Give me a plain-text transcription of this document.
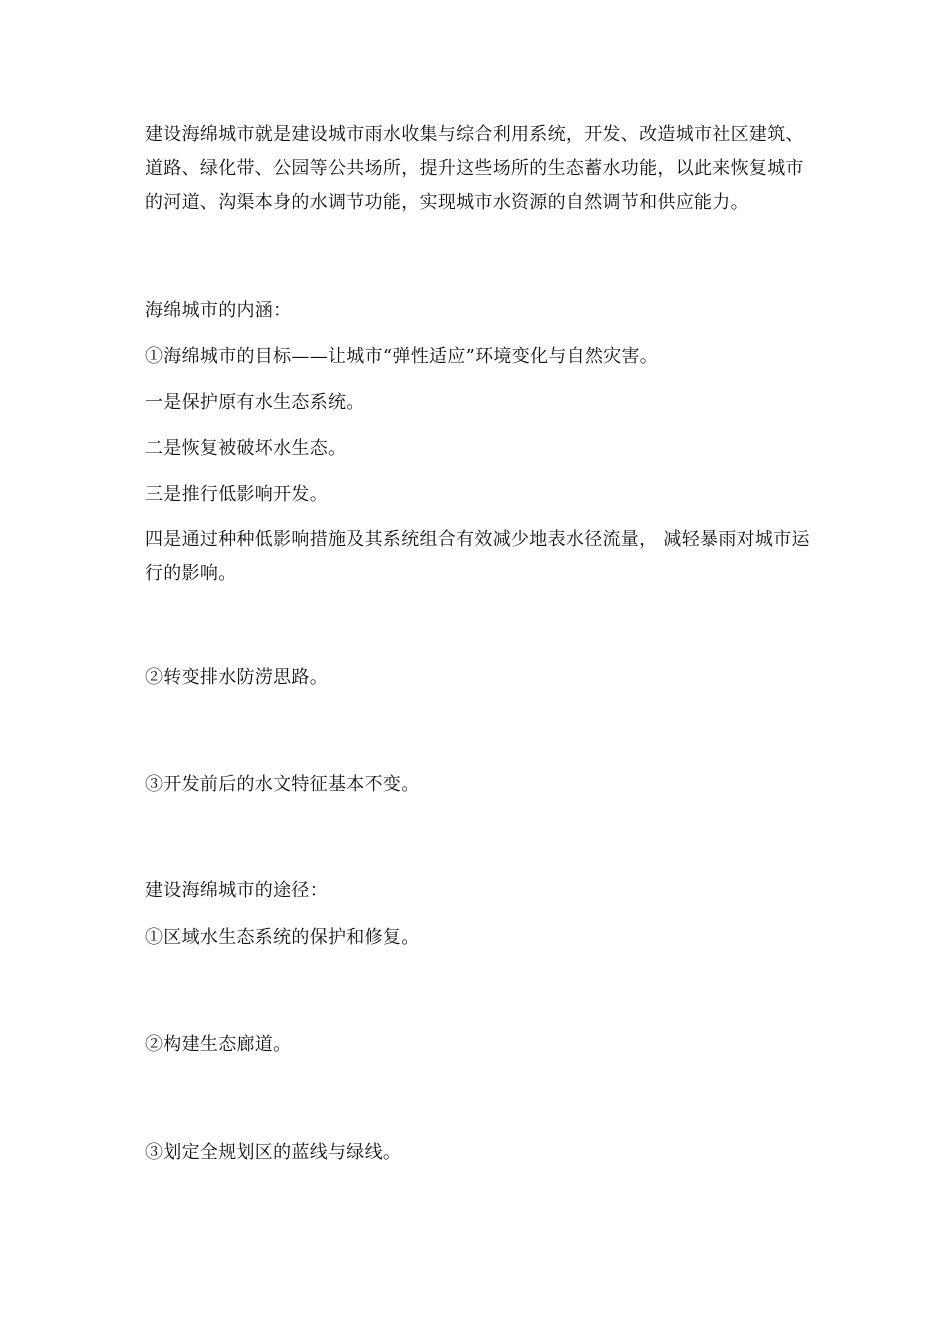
建设海绵城市就是建设城市雨水收集与综合利用系统，开发、改造城市社区建筑、道路、绿化带、公园等公共场所，提升这些场所的生态蓄水功能，以此来恢复城市的河道、沟渠本身的水调节功能，实现城市水资源的自然调节和供应能力。

海绵城市的内涵：

①海绵城市的目标——让城市“弹性适应”环境变化与自然灾害。

一是保护原有水生态系统。

二是恢复被破坏水生态。

三是推行低影响开发。

四是通过种种低影响措施及其系统组合有效减少地表水径流量， 减轻暴雨对城市运行的影响。

②转变排水防涝思路。

③开发前后的水文特征基本不变。

建设海绵城市的途径：

①区域水生态系统的保护和修复。

②构建生态廊道。

③划定全规划区的蓝线与绿线。
